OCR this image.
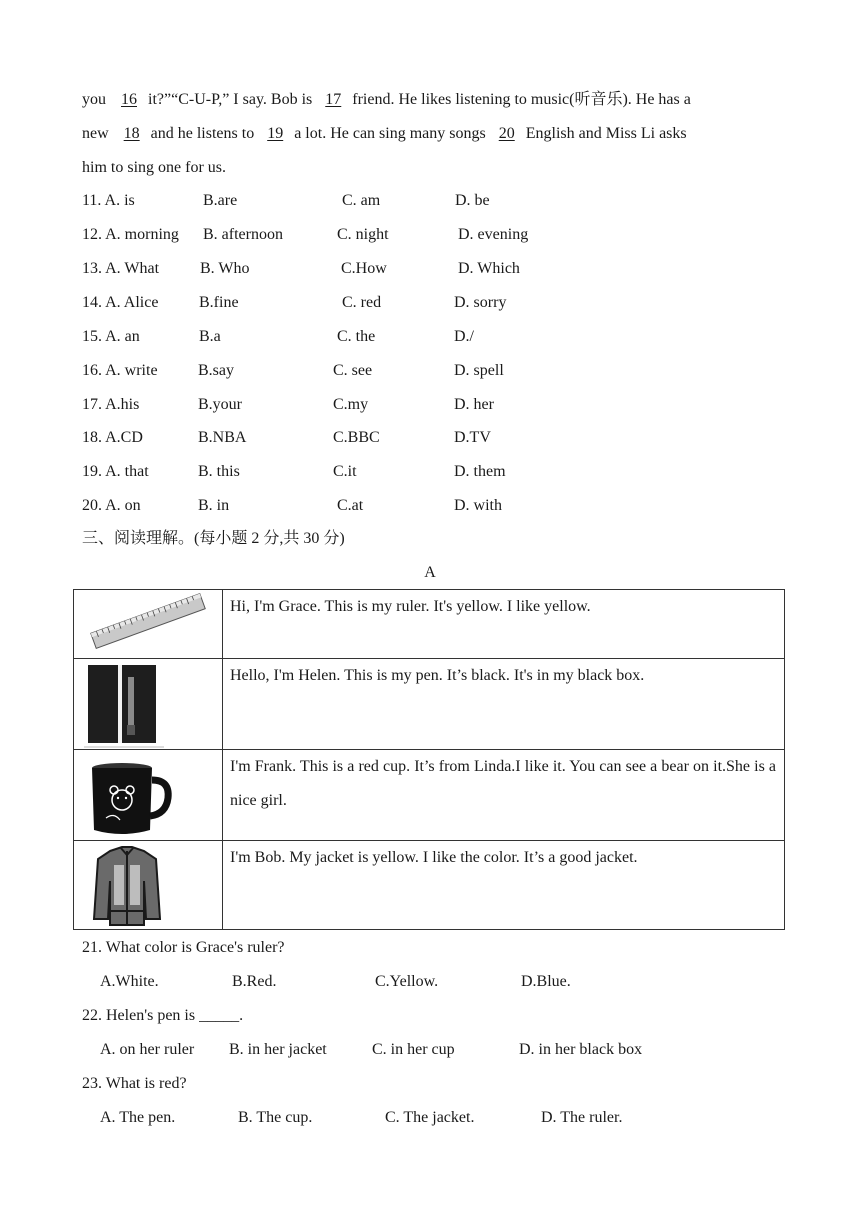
you 16 it?”“C-U-P,” I say. Bob is 17 friend. He likes listening to music(听音乐). He has a
new 18 and he listens to 19 a lot. He can sing many songs 20 English and Miss Li asks
him to sing one for us.
11. A. is	B.are	C. am	D. be
12. A. morning B. afternoon	C. night	D. evening
13. A. What	B. Who	C.How	D. Which
14. A. Alice	B.fine	C. red	D. sorry
15. A. an	B.a	C. the	D./
16. A. write	B.say	C. see	D. spell
17. A.his	B.your	C.my	D. her
18. A.CD	B.NBA	C.BBC	D.TV
19. A. that	B. this	C.it	D. them
20. A. on	B. in	C.at	D. with
三、阅读理解。(每小题 2 分,共 30 分)
A
Hi, I'm Grace. This is my ruler. It's yellow. I like yellow.
Hello, I'm Helen. This is my pen. It’s black. It's in my black box.
I'm Frank. This is a red cup. It’s from Linda.I like it. You can see a bear on it.She is a nice girl.
I'm Bob. My jacket is yellow. I like the color. It’s a good jacket.
21. What color is Grace's ruler?
A.White.	B.Red.	C.Yellow.	D.Blue.
22. Helen's pen is _____.
A. on her ruler B. in her jacket	C. in her cup	D. in her black box
23. What is red?
A. The pen.	B. The cup.	C. The jacket.	D. The ruler.
